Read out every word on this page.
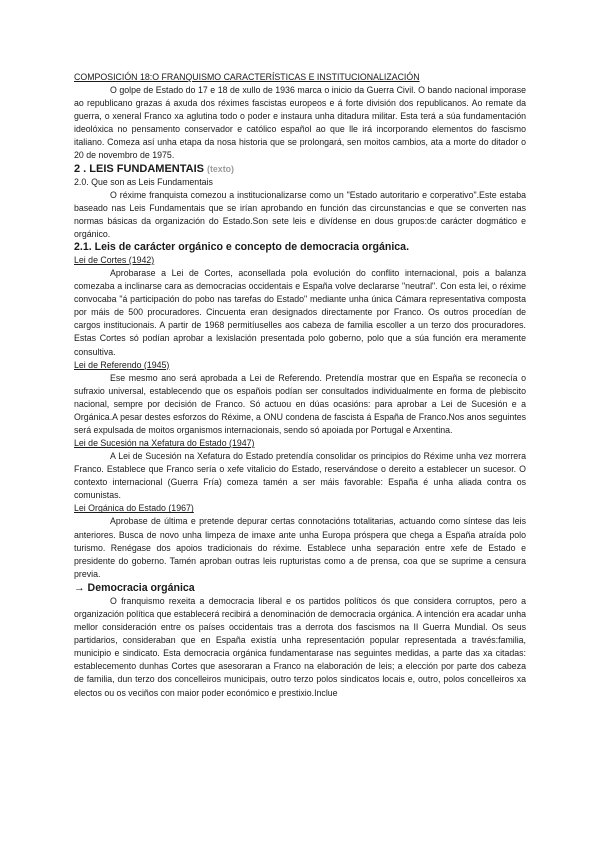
COMPOSICIÓN 18:O FRANQUISMO CARACTERÍSTICAS E INSTITUCIONALIZACIÓN

O golpe de Estado do 17 e 18 de xullo de 1936 marca o inicio da Guerra Civil. O bando nacional imporase ao republicano grazas á axuda dos réximes fascistas europeos e á forte división dos republicanos. Ao remate da guerra, o xeneral Franco xa aglutina todo o poder e instaura unha ditadura militar. Esta terá a súa fundamentación ideolóxica no pensamento conservador e católico español ao que lle irá incorporando elementos do fascismo italiano. Comeza así unha etapa da nosa historia que se prolongará, sen moitos cambios, ata a morte do ditador o 20 de novembro de 1975.

2 . LEIS FUNDAMENTAIS (texto)

2.0. Que son as Leis Fundamentais

O réxime franquista comezou a institucionalizarse como un "Estado autoritario e corperativo".Este estaba baseado nas Leis Fundamentais que se irían aprobando en función das circunstancias e que se converten nas normas básicas da organización do Estado.Son sete leis e divídense en dous grupos:de carácter dogmático e orgánico.

2.1. Leis de carácter orgánico e concepto de democracia orgánica.

Lei de Cortes (1942)

Aprobarase a Lei de Cortes, aconsellada pola evolución do conflito internacional, pois a balanza comezaba a inclinarse cara as democracias occidentais e España volve declararse "neutral". Con esta lei, o réxime convocaba "á participación do pobo nas tarefas do Estado" mediante unha única Cámara representativa composta por máis de 500 procuradores. Cincuenta eran designados directamente por Franco. Os outros procedían de cargos institucionais. A partir de 1968 permitíuselles aos cabeza de familia escoller a un terzo dos procuradores. Estas Cortes só podían aprobar a lexislación presentada polo goberno, polo que a súa función era meramente consultiva.

Lei de Referendo (1945)

Ese mesmo ano será aprobada a Lei de Referendo. Pretendía mostrar que en España se reconecía o sufraxio universal, establecendo que os españois podían ser consultados individualmente en forma de plebiscito nacional, sempre por decisión de Franco. Só actuou en dúas ocasións: para aprobar a Lei de Sucesión e a Orgánica.A pesar destes esforzos do Réxime, a ONU condena de fascista á España de Franco.Nos anos seguintes será expulsada de moitos organismos internacionais, sendo só apoiada por Portugal e Arxentina.

Lei de Sucesión na Xefatura do Estado (1947)

A Lei de Sucesión na Xefatura do Estado pretendía consolidar os principios do Réxime unha vez morrera Franco. Establece que Franco sería o xefe vitalicio do Estado, reservándose o dereito a establecer un sucesor. O contexto internacional (Guerra Fría) comeza tamén a ser máis favorable: España é unha aliada contra os comunistas.

Lei Orgánica do Estado (1967)

Aprobase de última e pretende depurar certas connotacións totalitarias, actuando como síntese das leis anteriores. Busca de novo unha limpeza de imaxe ante unha Europa próspera que chega a España atraída polo turismo. Renégase dos apoios tradicionais do réxime. Establece unha separación entre xefe de Estado e presidente do goberno. Tamén aproban outras leis rupturistas como a de prensa, coa que se suprime a censura previa.

→ Democracia orgánica

O franquismo rexeita a democracia liberal e os partidos políticos ós que considera corruptos, pero a organización política que establecerá recibirá a denominación de democracia orgánica. A intención era acadar unha mellor consideración entre os países occidentais tras a derrota dos fascismos na II Guerra Mundial. Os seus partidarios, consideraban que en España existía unha representación popular representada a través:familia, municipio e sindicato. Esta democracia orgánica fundamentarase nas seguintes medidas, a parte das xa citadas: establecemento dunhas Cortes que asesoraran a Franco na elaboración de leis; a elección por parte dos cabeza de familia, dun terzo dos concelleiros municipais, outro terzo polos sindicatos locais e, outro, polos concelleiros xa electos ou os veciños con maior poder económico e prestixio.Inclue
